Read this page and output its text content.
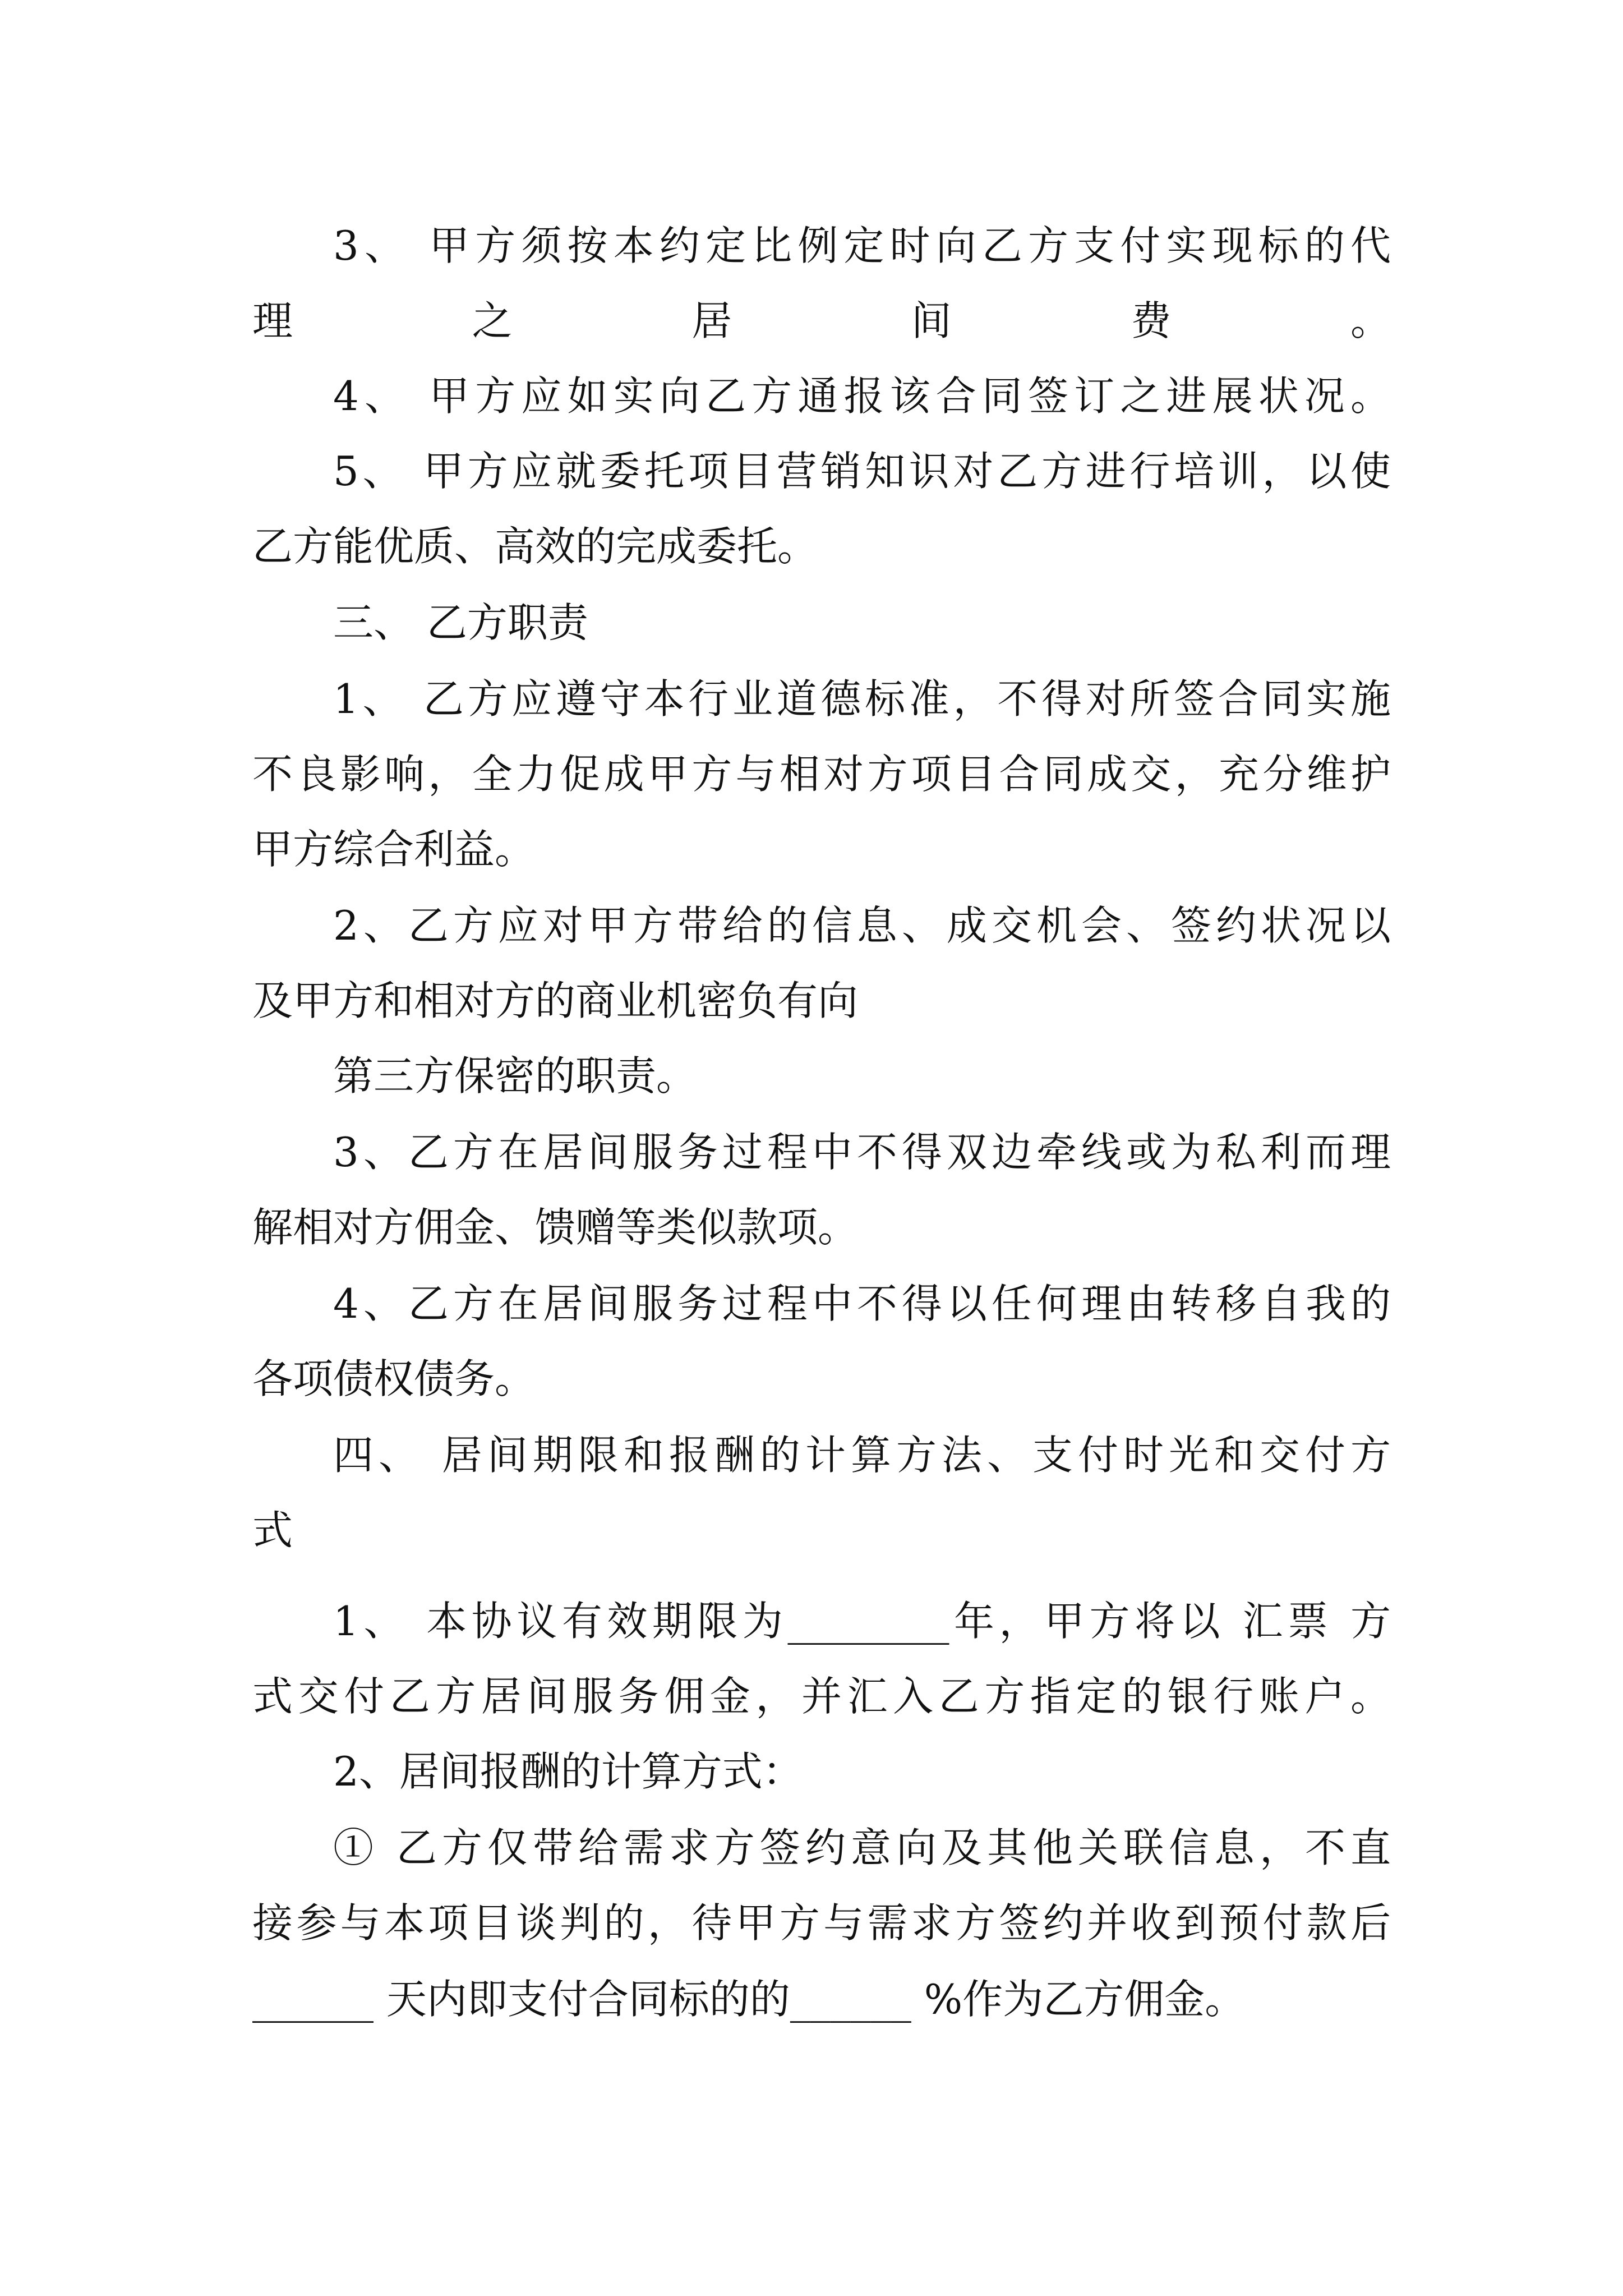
3、 甲方须按本约定比例定时向乙方支付实现标的代
理之居间费。
4、 甲方应如实向乙方通报该合同签订之进展状况。
5、 甲方应就委托项目营销知识对乙方进行培训，以使
乙方能优质、高效的完成委托。
三、 乙方职责
1、 乙方应遵守本行业道德标准，不得对所签合同实施
不良影响，全力促成甲方与相对方项目合同成交，充分维护
甲方综合利益。
2、乙方应对甲方带给的信息、成交机会、签约状况以
及甲方和相对方的商业机密负有向
第三方保密的职责。
3、乙方在居间服务过程中不得双边牵线或为私利而理
解相对方佣金、馈赠等类似款项。
4、乙方在居间服务过程中不得以任何理由转移自我的
各项债权债务。
四、 居间期限和报酬的计算方法、支付时光和交付方
式
1、 本协议有效期限为________年，甲方将以 汇票 方
式交付乙方居间服务佣金，并汇入乙方指定的银行账户。
2、居间报酬的计算方式：
① 乙方仅带给需求方签约意向及其他关联信息，不直
接参与本项目谈判的，待甲方与需求方签约并收到预付款后
______ 天内即支付合同标的的______ %作为乙方佣金。
